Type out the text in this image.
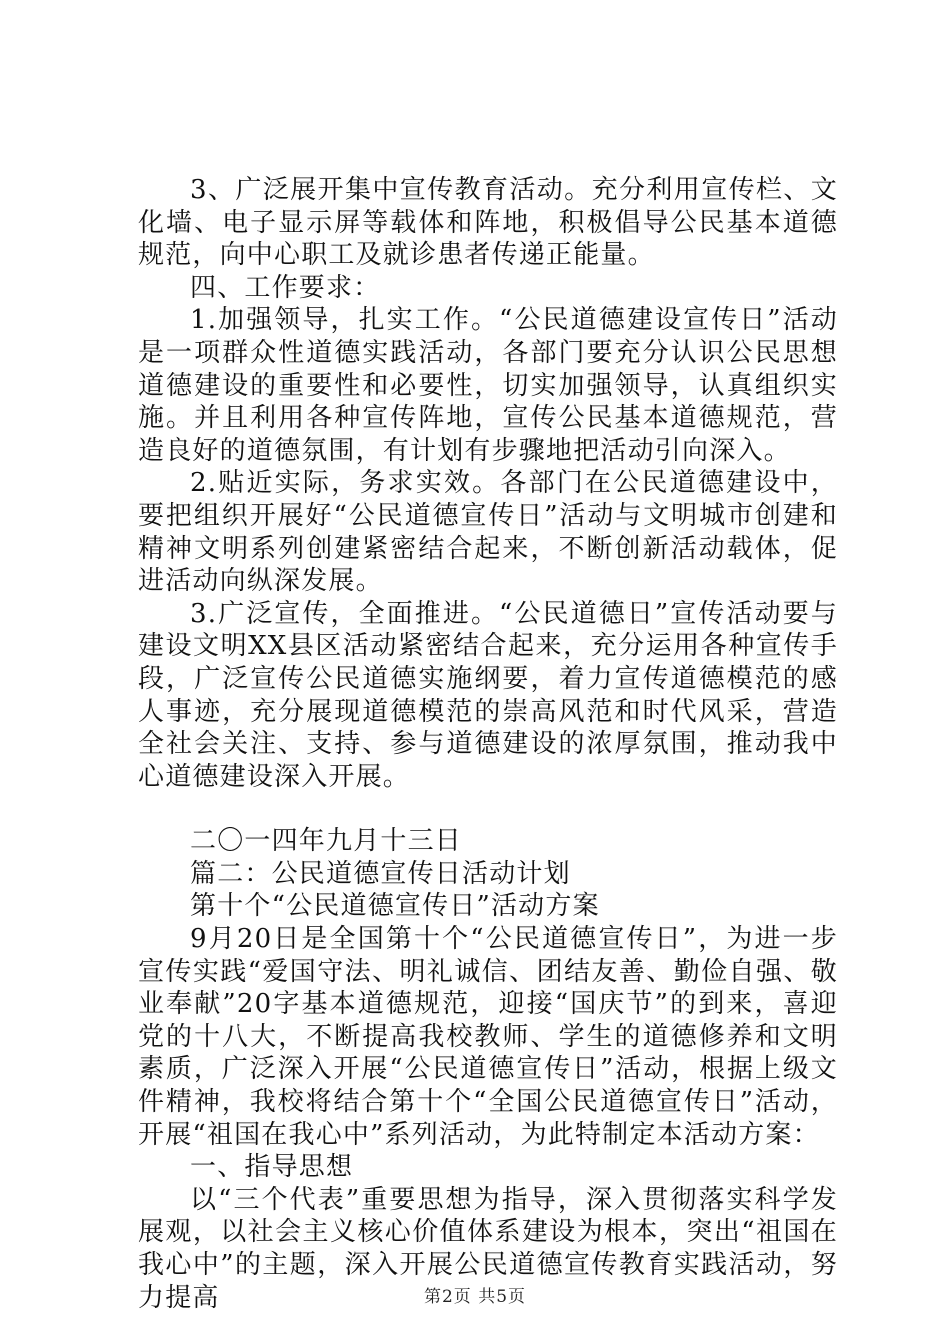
3、广泛展开集中宣传教育活动。充分利用宣传栏、文化墙、电子显示屏等载体和阵地，积极倡导公民基本道德规范，向中心职工及就诊患者传递正能量。

四、工作要求：

1.加强领导，扎实工作。“公民道德建设宣传日”活动是一项群众性道德实践活动，各部门要充分认识公民思想道德建设的重要性和必要性，切实加强领导，认真组织实施。并且利用各种宣传阵地，宣传公民基本道德规范，营造良好的道德氛围，有计划有步骤地把活动引向深入。

2.贴近实际，务求实效。各部门在公民道德建设中，要把组织开展好“公民道德宣传日”活动与文明城市创建和精神文明系列创建紧密结合起来，不断创新活动载体，促进活动向纵深发展。

3.广泛宣传，全面推进。“公民道德日”宣传活动要与建设文明XX县区活动紧密结合起来，充分运用各种宣传手段，广泛宣传公民道德实施纲要，着力宣传道德模范的感人事迹，充分展现道德模范的崇高风范和时代风采，营造全社会关注、支持、参与道德建设的浓厚氛围，推动我中心道德建设深入开展。

二〇一四年九月十三日

篇二：公民道德宣传日活动计划

第十个“公民道德宣传日”活动方案

9月20日是全国第十个“公民道德宣传日”，为进一步宣传实践“爱国守法、明礼诚信、团结友善、勤俭自强、敬业奉献”20字基本道德规范，迎接“国庆节”的到来，喜迎党的十八大，不断提高我校教师、学生的道德修养和文明素质，广泛深入开展“公民道德宣传日”活动，根据上级文件精神，我校将结合第十个“全国公民道德宣传日”活动，开展“祖国在我心中”系列活动，为此特制定本活动方案：

一、指导思想

以“三个代表”重要思想为指导，深入贯彻落实科学发展观，以社会主义核心价值体系建设为根本，突出“祖国在我心中”的主题，深入开展公民道德宣传教育实践活动，努力提高	第2页 共5页
